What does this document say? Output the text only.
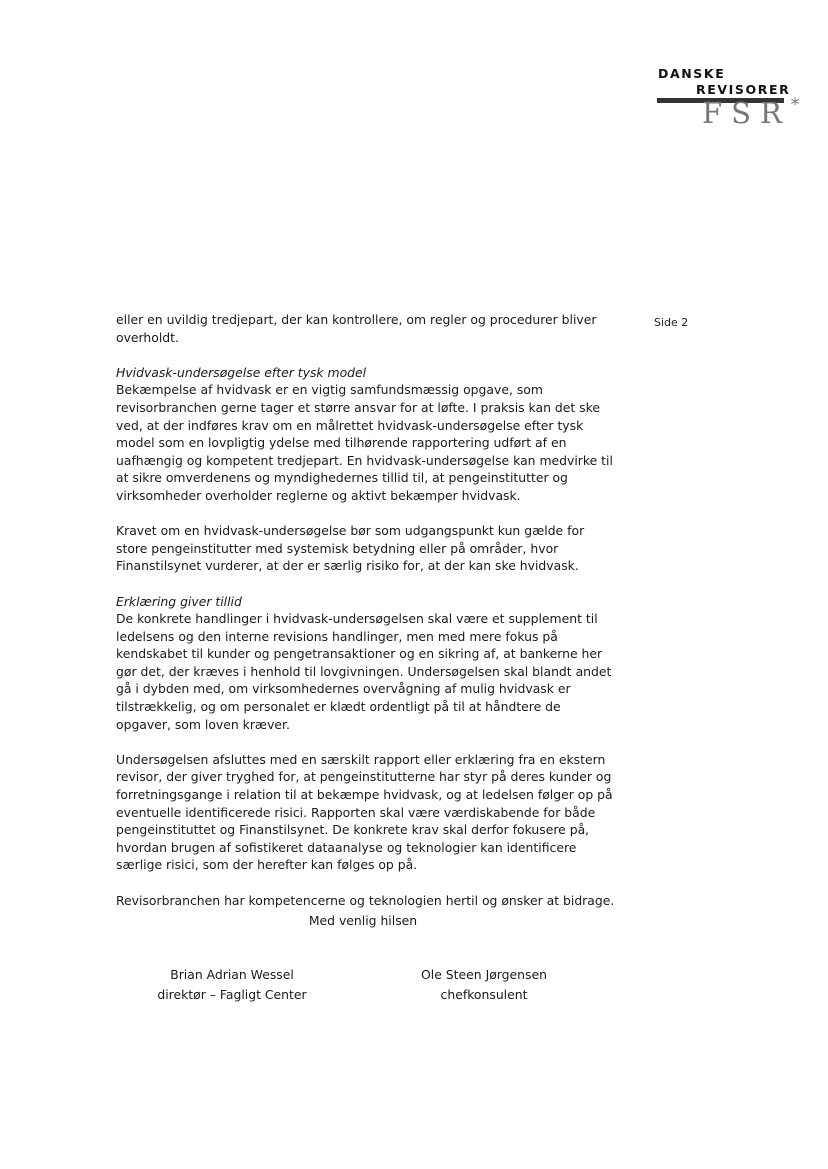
DANSKE
REVISORER
FSR*
Side 2

eller en uvildig tredjepart, der kan kontrollere, om regler og procedurer bliver overholdt.

Hvidvask-undersøgelse efter tysk model

Bekæmpelse af hvidvask er en vigtig samfundsmæssig opgave, som revisorbranchen gerne tager et større ansvar for at løfte. I praksis kan det ske ved, at der indføres krav om en målrettet hvidvask-undersøgelse efter tysk model som en lovpligtig ydelse med tilhørende rapportering udført af en uafhængig og kompetent tredjepart. En hvidvask-undersøgelse kan medvirke til at sikre omverdenens og myndighedernes tillid til, at pengeinstitutter og virksomheder overholder reglerne og aktivt bekæmper hvidvask.

Kravet om en hvidvask-undersøgelse bør som udgangspunkt kun gælde for store pengeinstitutter med systemisk betydning eller på områder, hvor Finanstilsynet vurderer, at der er særlig risiko for, at der kan ske hvidvask.

Erklæring giver tillid

De konkrete handlinger i hvidvask-undersøgelsen skal være et supplement til ledelsens og den interne revisions handlinger, men med mere fokus på kendskabet til kunder og pengetransaktioner og en sikring af, at bankerne her gør det, der kræves i henhold til lovgivningen. Undersøgelsen skal blandt andet gå i dybden med, om virksomhedernes overvågning af mulig hvidvask er tilstrækkelig, og om personalet er klædt ordentligt på til at håndtere de opgaver, som loven kræver.

Undersøgelsen afsluttes med en særskilt rapport eller erklæring fra en ekstern revisor, der giver tryghed for, at pengeinstitutterne har styr på deres kunder og forretningsgange i relation til at bekæmpe hvidvask, og at ledelsen følger op på eventuelle identificerede risici. Rapporten skal være værdiskabende for både pengeinstituttet og Finanstilsynet. De konkrete krav skal derfor fokusere på, hvordan brugen af sofistikeret dataanalyse og teknologier kan identificere særlige risici, som der herefter kan følges op på.

Revisorbranchen har kompetencerne og teknologien hertil og ønsker at bidrage.

Med venlig hilsen
Brian Adrian Wessel
direktør – Fagligt Center
Ole Steen Jørgensen
chefkonsulent
